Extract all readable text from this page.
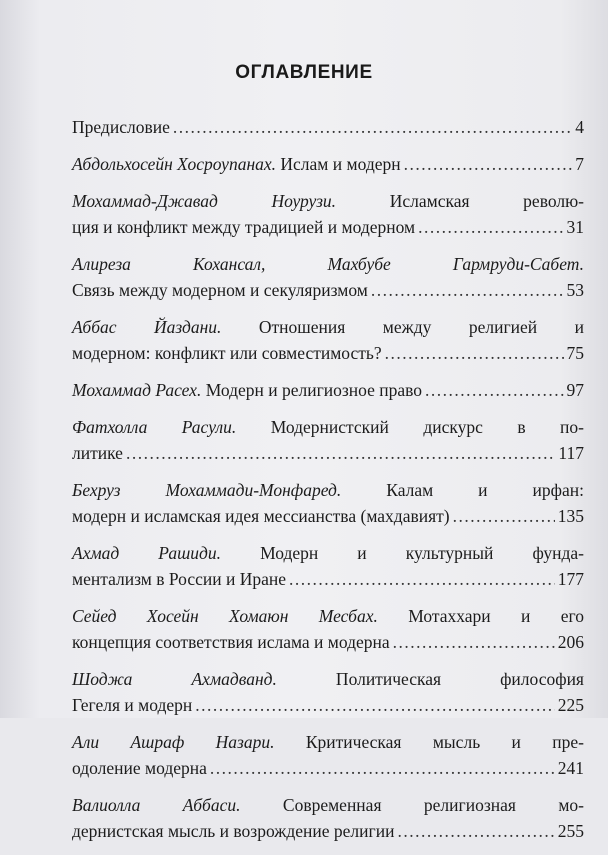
ОГЛАВЛЕНИЕ
Предисловие .....	4
Абдольхосейн Хосроупанах. Ислам и модерн .....	7
Мохаммад-Джавад Ноурузи. Исламская револю-
ция и конфликт между традицией и модерном .....	31
Алиреза Кохансал, Махбубе Гармруди-Сабет.
Связь между модерном и секуляризмом .....	53
Аббас Йаздани. Отношения между религией и
модерном: конфликт или совместимость? .....	75
Мохаммад Расех. Модерн и религиозное право .....	97
Фатхолла Расули. Модернистский дискурс в по-
литике .....	117
Бехруз Мохаммади-Монфаред. Калам и ирфан:
модерн и исламская идея мессианства (махдавият) .....	135
Ахмад Рашиди. Модерн и культурный фунда-
ментализм в России и Иране .....	177
Сейед Хосейн Хомаюн Месбах. Мотаххари и его
концепция соответствия ислама и модерна .....	206
Шоджа Ахмадванд. Политическая философия
Гегеля и модерн .....	225
Али Ашраф Назари. Критическая мысль и пре-
одоление модерна .....	241
Валиолла Аббаси. Современная религиозная мо-
дернистская мысль и возрождение религии .....	255
